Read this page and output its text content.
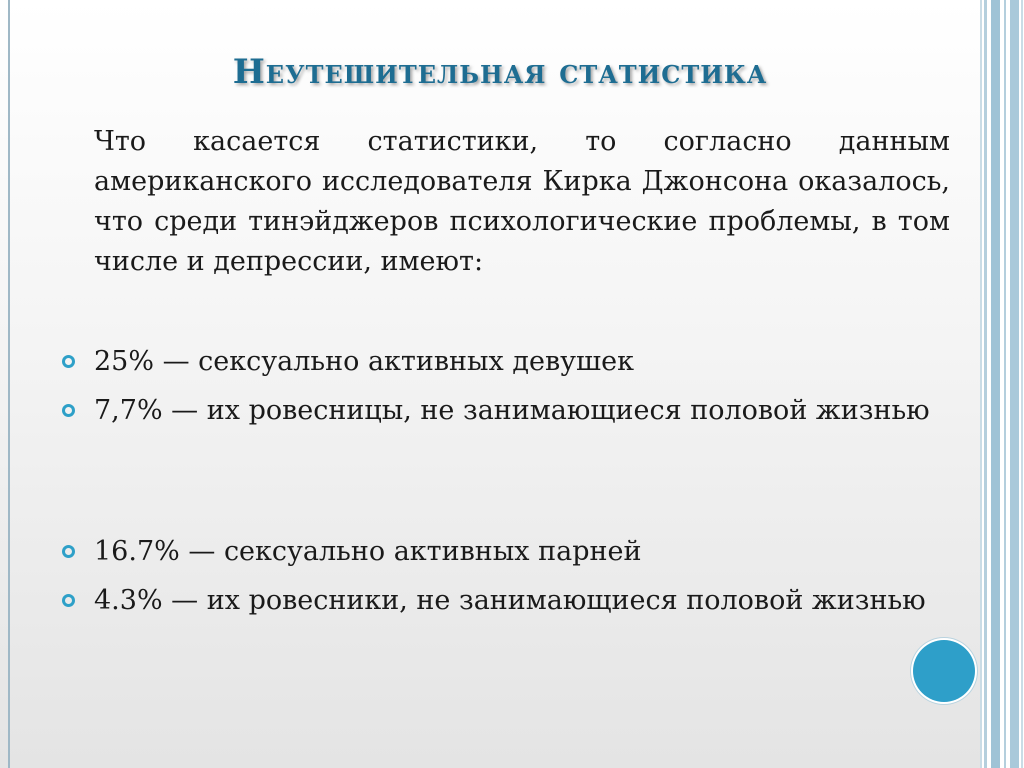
Неутешительная статистика
Что касается статистики, то согласно данным американского исследователя Кирка Джонсона оказалось, что среди тинэйджеров психологические проблемы, в том числе и депрессии, имеют:
25% — сексуально активных девушек
7,7% — их ровесницы, не занимающиеся половой жизнью
16.7% — сексуально активных парней
4.3% — их ровесники, не занимающиеся половой жизнью
